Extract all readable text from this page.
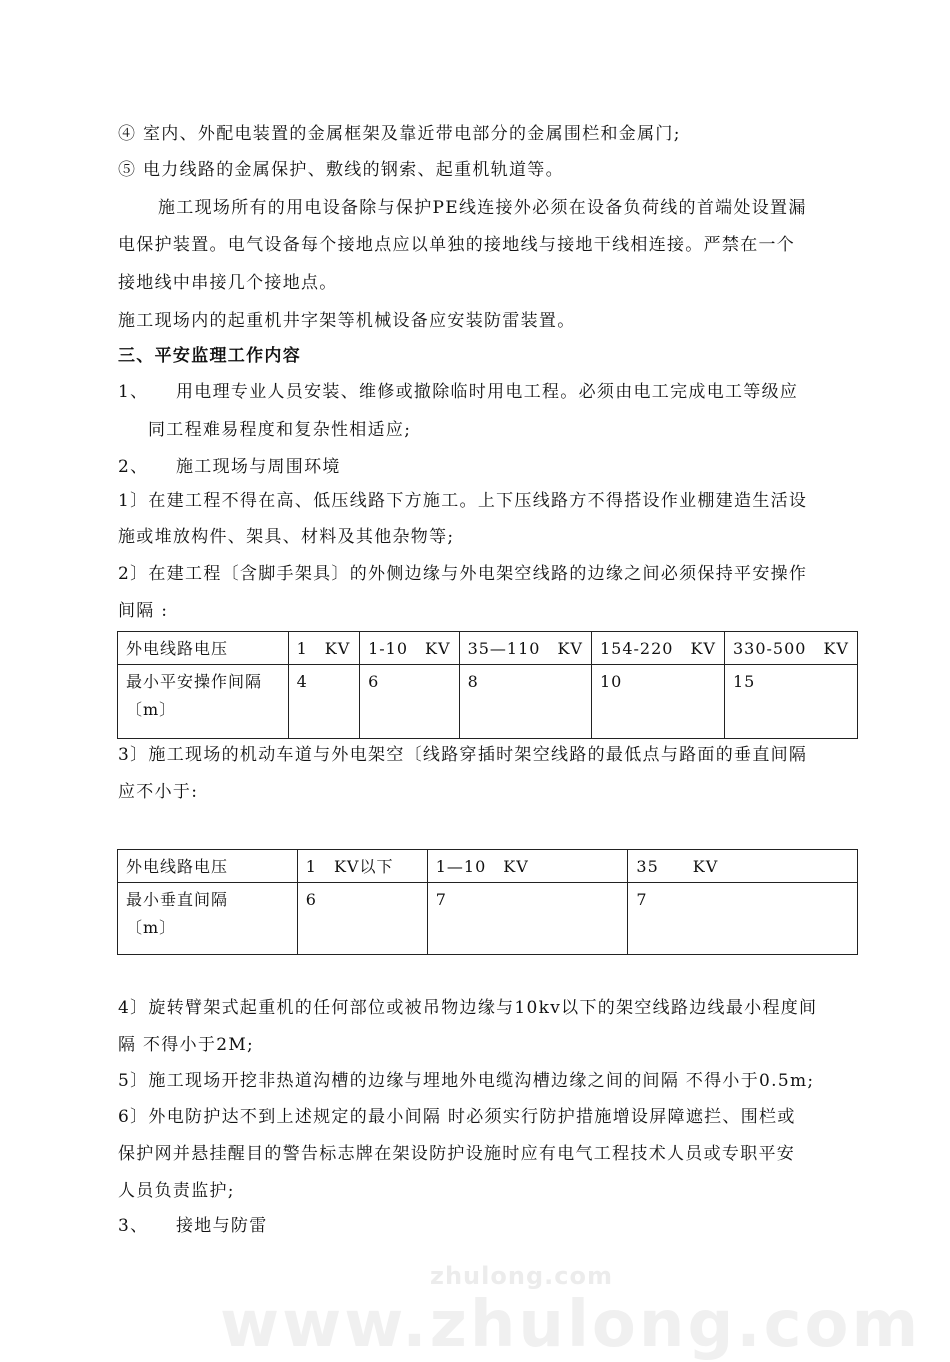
④ 室内、外配电装置的金属框架及靠近带电部分的金属围栏和金属门;
⑤ 电力线路的金属保护、敷线的钢索、起重机轨道等。
施工现场所有的用电设备除与保护PE线连接外必须在设备负荷线的首端处设置漏
电保护装置。电气设备每个接地点应以单独的接地线与接地干线相连接。严禁在一个
接地线中串接几个接地点。
施工现场内的起重机井字架等机械设备应安装防雷装置。
三、平安监理工作内容
1、 用电理专业人员安装、维修或撤除临时用电工程。必须由电工完成电工等级应
同工程难易程度和复杂性相适应;
2、 施工现场与周围环境
1〕在建工程不得在高、低压线路下方施工。上下压线路方不得搭设作业棚建造生活设
施或堆放构件、架具、材料及其他杂物等;
2〕在建工程〔含脚手架具〕的外侧边缘与外电架空线路的边缘之间必须保持平安操作
间隔 :
外电线路电压	1　KV	1-10　KV	35—110　KV	154-220　KV	330-500　KV

最小平安操作间隔
〔m〕	4	6	8	10	15
3〕施工现场的机动车道与外电架空〔线路穿插时架空线路的最低点与路面的垂直间隔
应不小于:
外电线路电压	1　KV以下	1—10　KV	35　　KV

最小垂直间隔
〔m〕	6	7	7
4〕旋转臂架式起重机的任何部位或被吊物边缘与10kv以下的架空线路边线最小程度间
隔 不得小于2M;
5〕施工现场开挖非热道沟槽的边缘与埋地外电缆沟槽边缘之间的间隔 不得小于0.5m;
6〕外电防护达不到上述规定的最小间隔 时必须实行防护措施增设屏障遮拦、围栏或
保护网并悬挂醒目的警告标志牌在架设防护设施时应有电气工程技术人员或专职平安
人员负责监护;
3、 接地与防雷
zhulong.com
www.zhulong.com
